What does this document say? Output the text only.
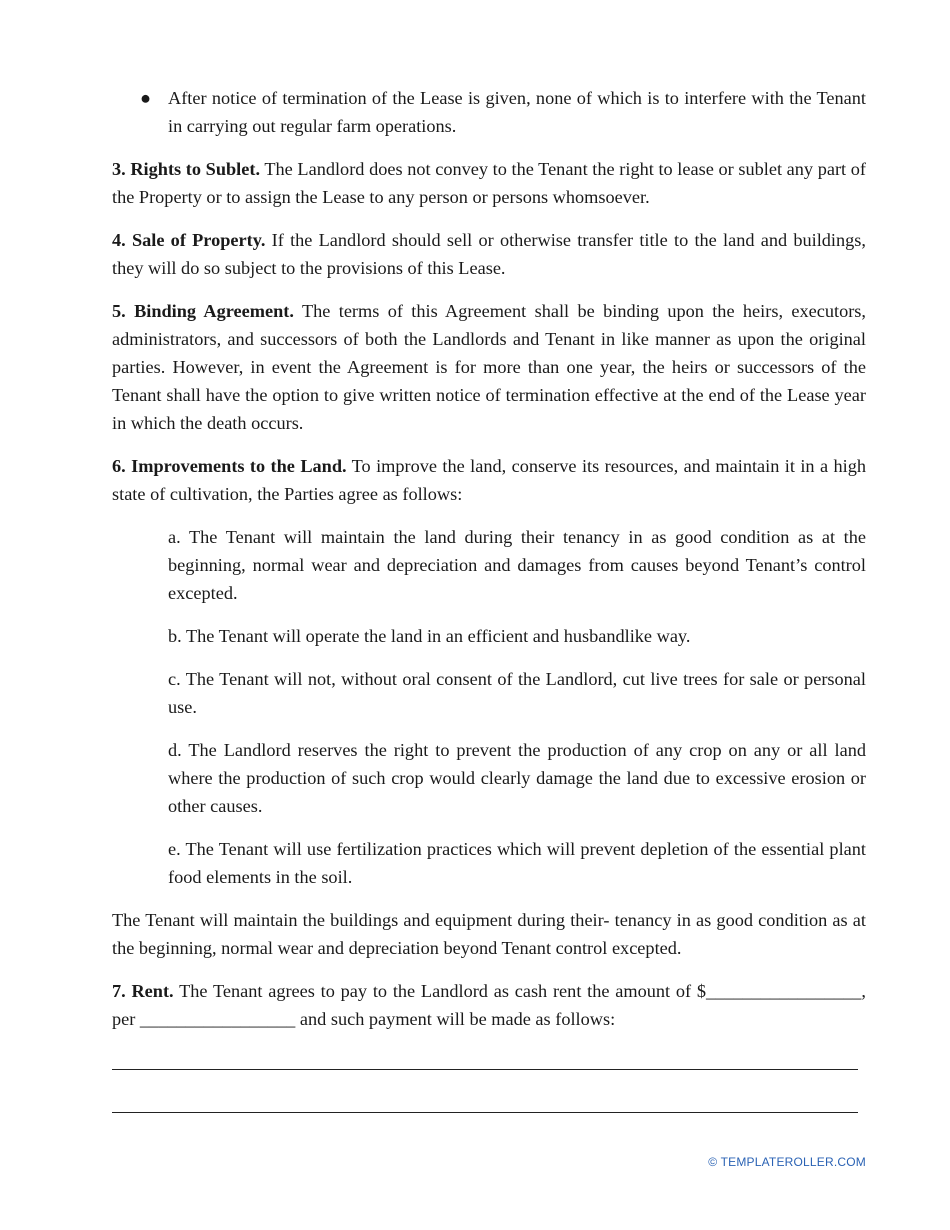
● After notice of termination of the Lease is given, none of which is to interfere with the Tenant in carrying out regular farm operations.

3. Rights to Sublet. The Landlord does not convey to the Tenant the right to lease or sublet any part of the Property or to assign the Lease to any person or persons whomsoever.

4. Sale of Property. If the Landlord should sell or otherwise transfer title to the land and buildings, they will do so subject to the provisions of this Lease.

5. Binding Agreement. The terms of this Agreement shall be binding upon the heirs, executors, administrators, and successors of both the Landlords and Tenant in like manner as upon the original parties. However, in event the Agreement is for more than one year, the heirs or successors of the Tenant shall have the option to give written notice of termination effective at the end of the Lease year in which the death occurs.

6. Improvements to the Land. To improve the land, conserve its resources, and maintain it in a high state of cultivation, the Parties agree as follows:

a. The Tenant will maintain the land during their tenancy in as good condition as at the beginning, normal wear and depreciation and damages from causes beyond Tenant’s control excepted.

b. The Tenant will operate the land in an efficient and husbandlike way.

c. The Tenant will not, without oral consent of the Landlord, cut live trees for sale or personal use.

d. The Landlord reserves the right to prevent the production of any crop on any or all land where the production of such crop would clearly damage the land due to excessive erosion or other causes.

e. The Tenant will use fertilization practices which will prevent depletion of the essential plant food elements in the soil.

The Tenant will maintain the buildings and equipment during their- tenancy in as good condition as at the beginning, normal wear and depreciation beyond Tenant control excepted.

7. Rent. The Tenant agrees to pay to the Landlord as cash rent the amount of $_________________, per _________________ and such payment will be made as follows:

© TEMPLATEROLLER.COM
